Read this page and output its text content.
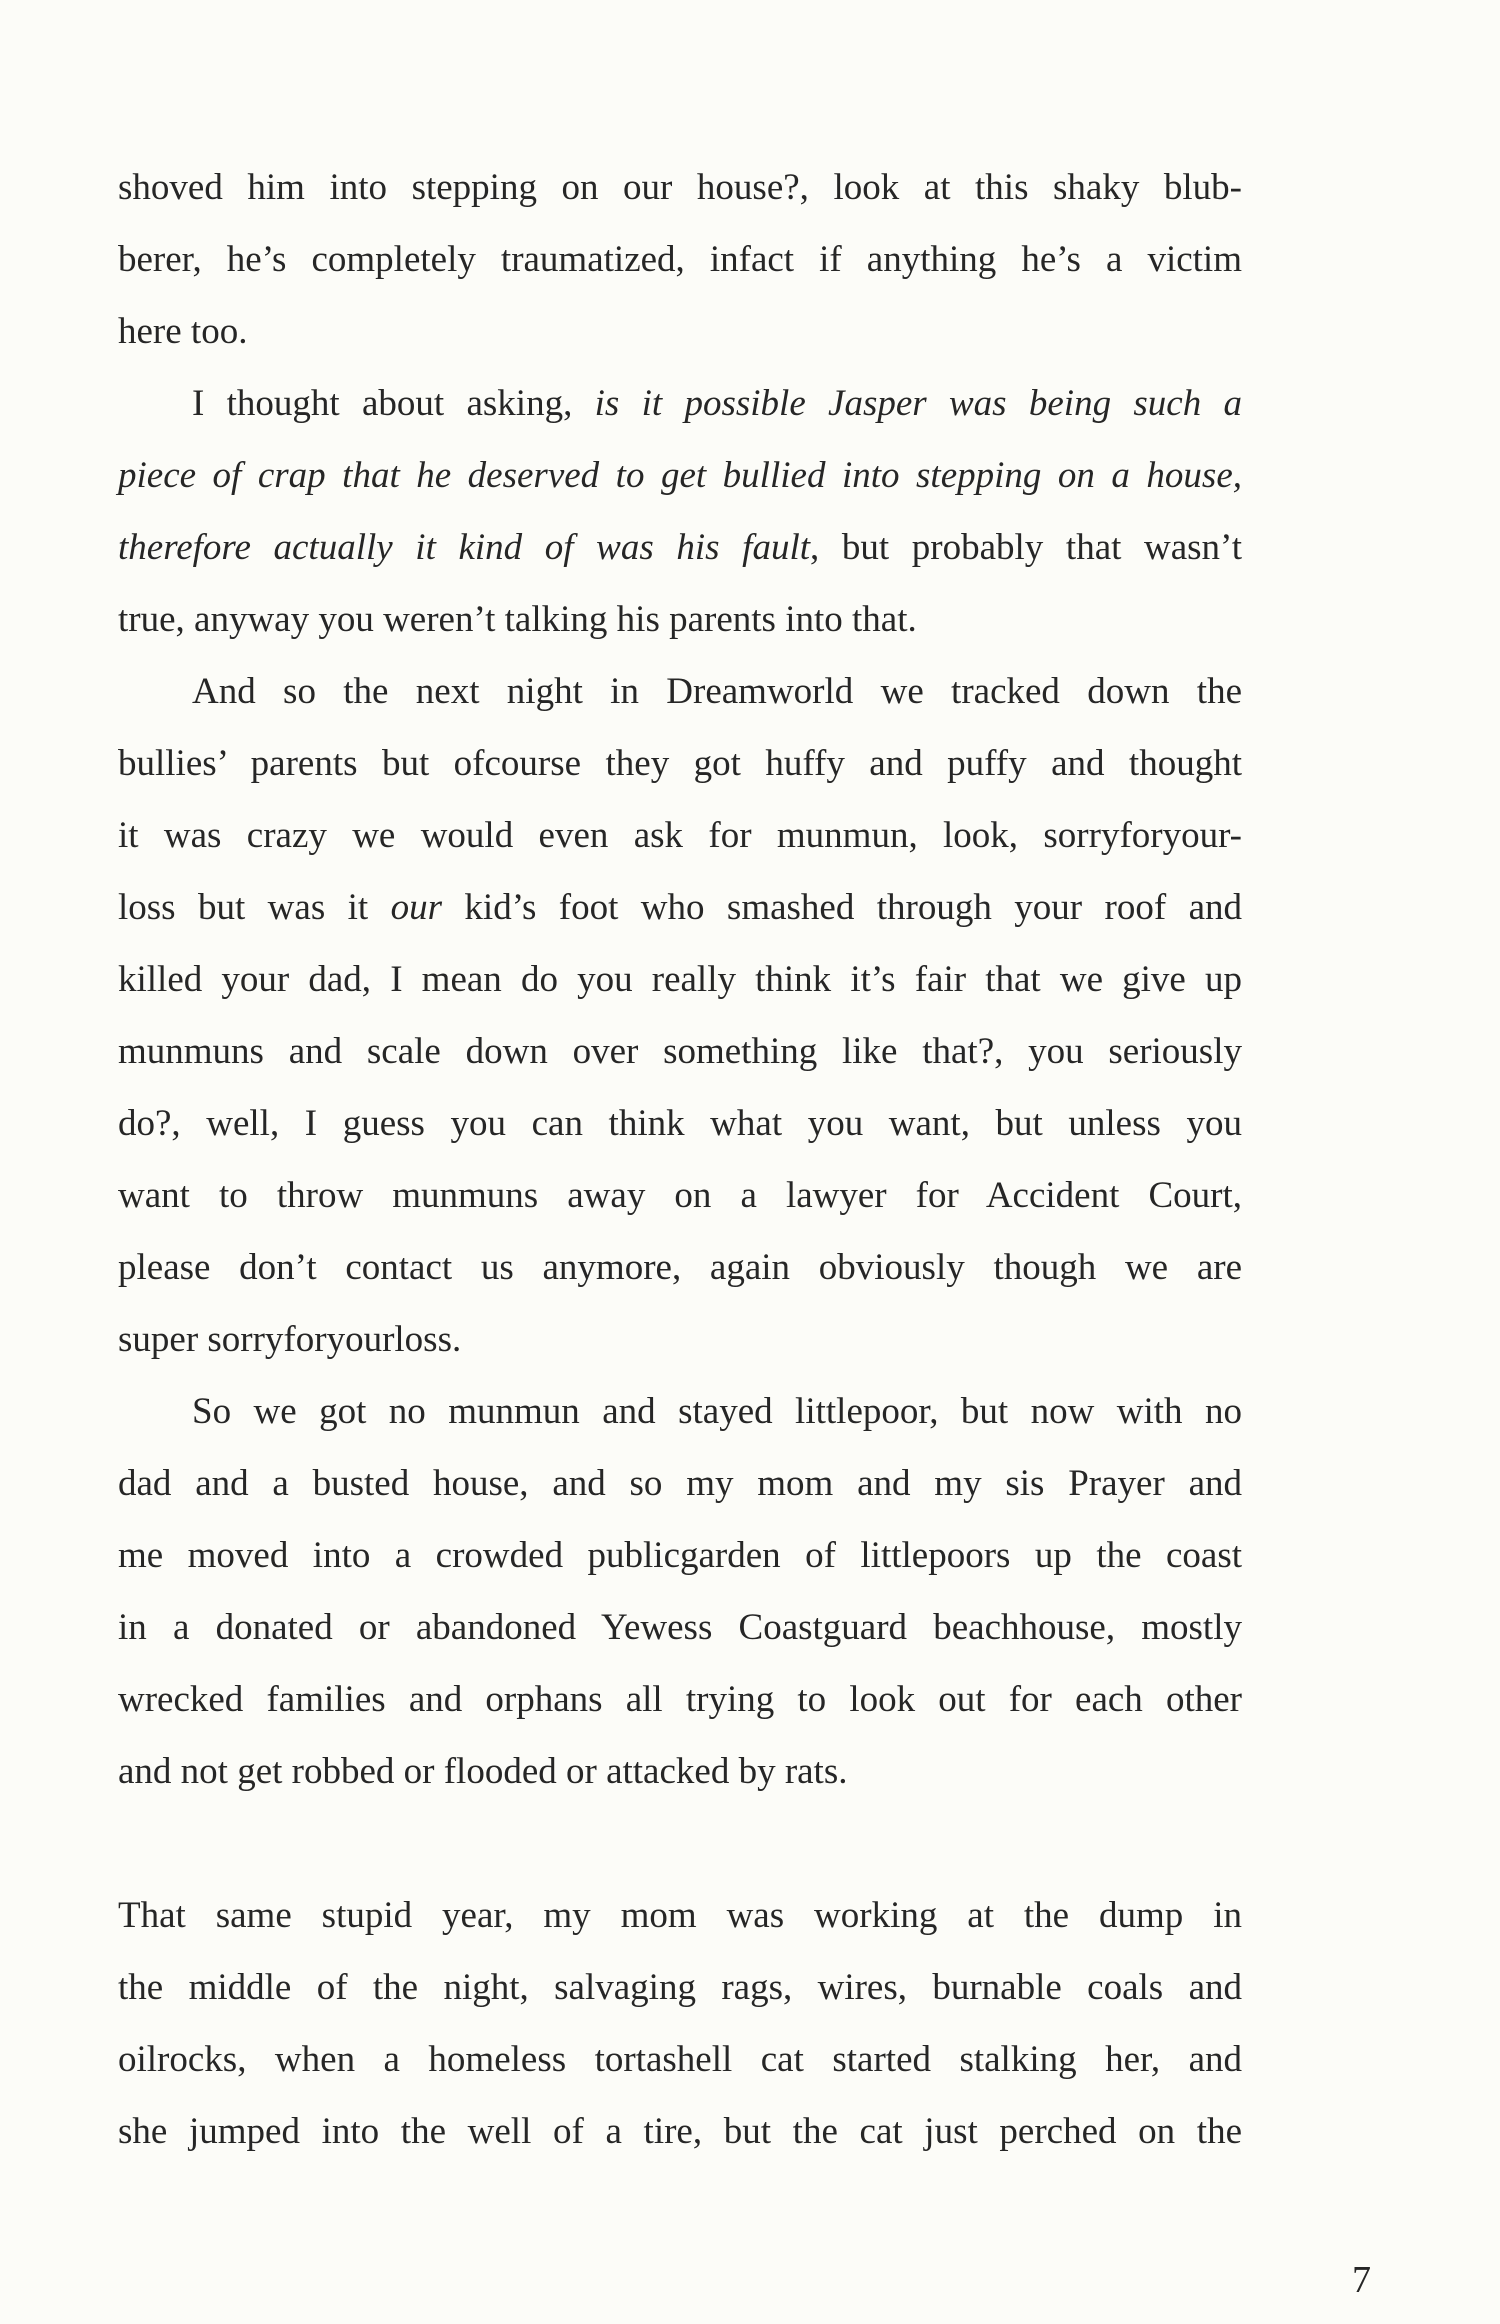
shoved him into stepping on our house?, look at this shaky blub-
berer, he’s completely traumatized, infact if anything he’s a victim
here too.
I thought about asking, is it possible Jasper was being such a
piece of crap that he deserved to get bullied into stepping on a house,
therefore actually it kind of was his fault, but probably that wasn’t
true, anyway you weren’t talking his parents into that.
And so the next night in Dreamworld we tracked down the
bullies’ parents but ofcourse they got huffy and puffy and thought
it was crazy we would even ask for munmun, look, sorryforyour-
loss but was it our kid’s foot who smashed through your roof and
killed your dad, I mean do you really think it’s fair that we give up
munmuns and scale down over something like that?, you seriously
do?, well, I guess you can think what you want, but unless you
want to throw munmuns away on a lawyer for Accident Court,
please don’t contact us anymore, again obviously though we are
super sorryforyourloss.
So we got no munmun and stayed littlepoor, but now with no
dad and a busted house, and so my mom and my sis Prayer and
me moved into a crowded publicgarden of littlepoors up the coast
in a donated or abandoned Yewess Coastguard beachhouse, mostly
wrecked families and orphans all trying to look out for each other
and not get robbed or flooded or attacked by rats.
That same stupid year, my mom was working at the dump in
the middle of the night, salvaging rags, wires, burnable coals and
oilrocks, when a homeless tortashell cat started stalking her, and
she jumped into the well of a tire, but the cat just perched on the
7
